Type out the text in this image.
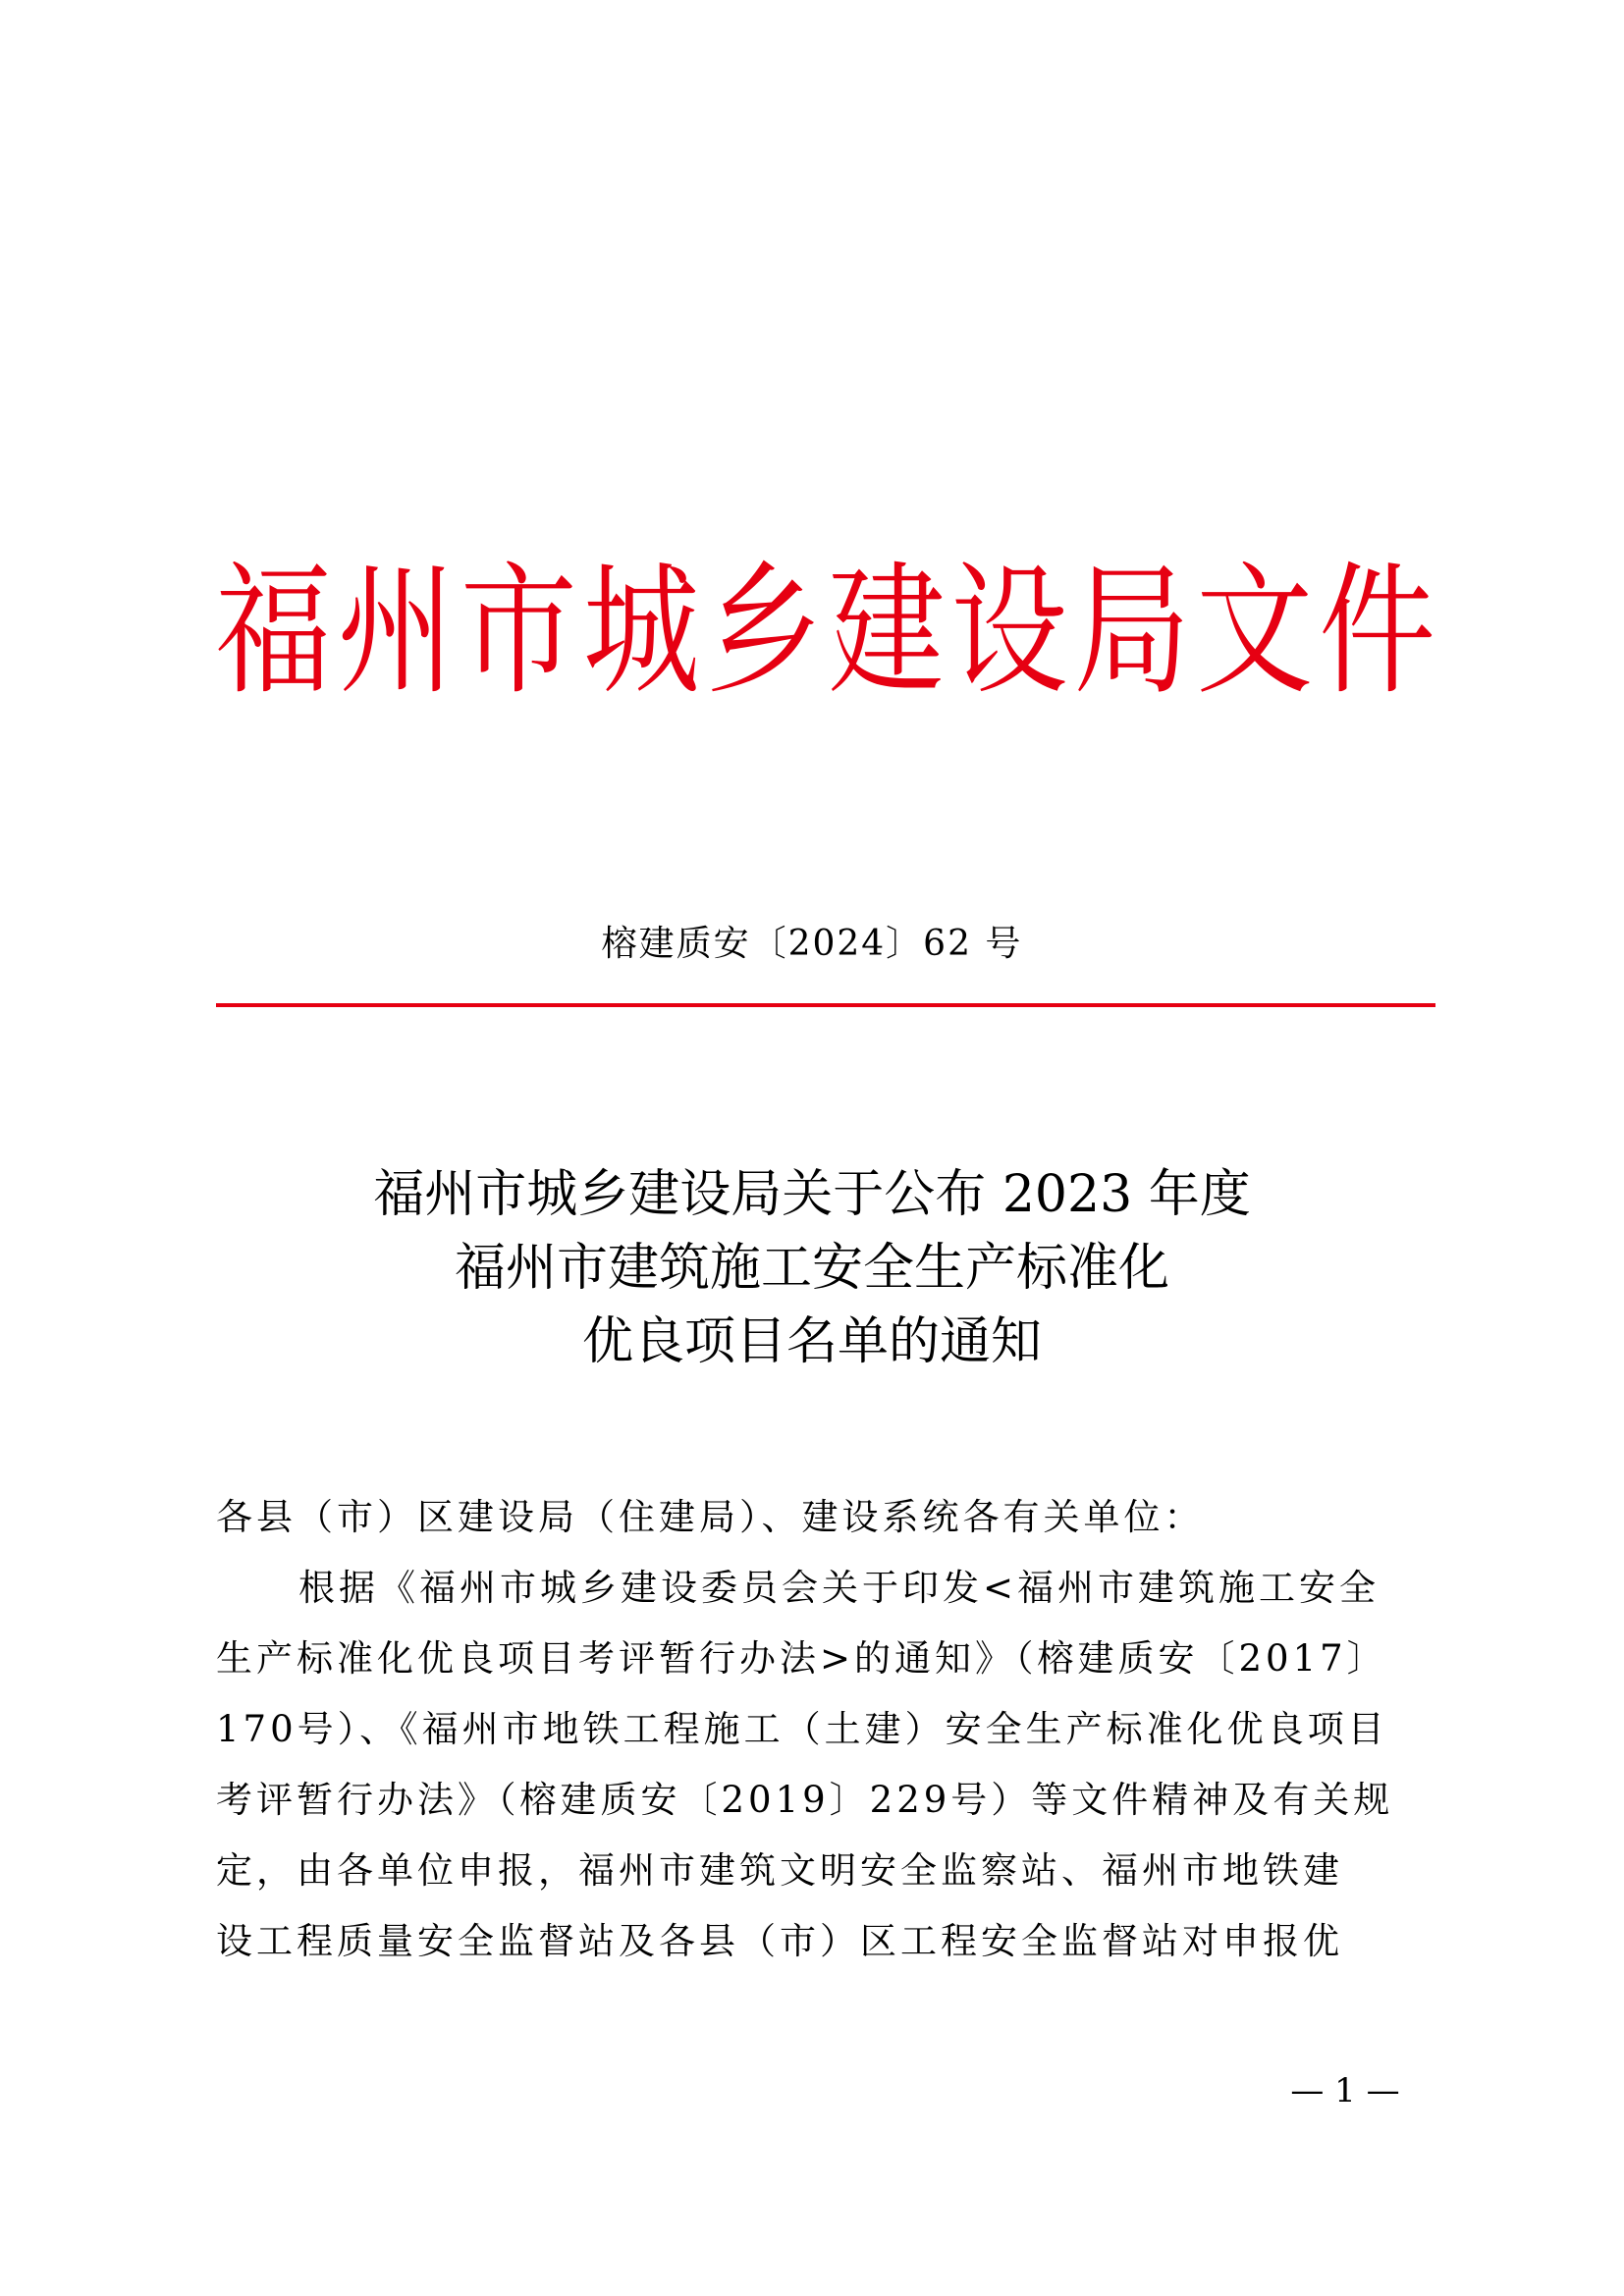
福 州 市 城 乡 建 设 局 文 件
榕建质安〔2024〕62 号
福州市城乡建设局关于公布 2023 年度
福州市建筑施工安全生产标准化
优良项目名单的通知

各县（市）区建设局（住建局）、建设系统各有关单位：

根据《福州市城乡建设委员会关于印发<福州市建筑施工安全

生产标准化优良项目考评暂行办法>的通知》（榕建质安〔2017〕

170号）、《福州市地铁工程施工（土建）安全生产标准化优良项目

考评暂行办法》（榕建质安〔2019〕229号）等文件精神及有关规

定，由各单位申报，福州市建筑文明安全监察站、福州市地铁建

设工程质量安全监督站及各县（市）区工程安全监督站对申报优

— 1 —
